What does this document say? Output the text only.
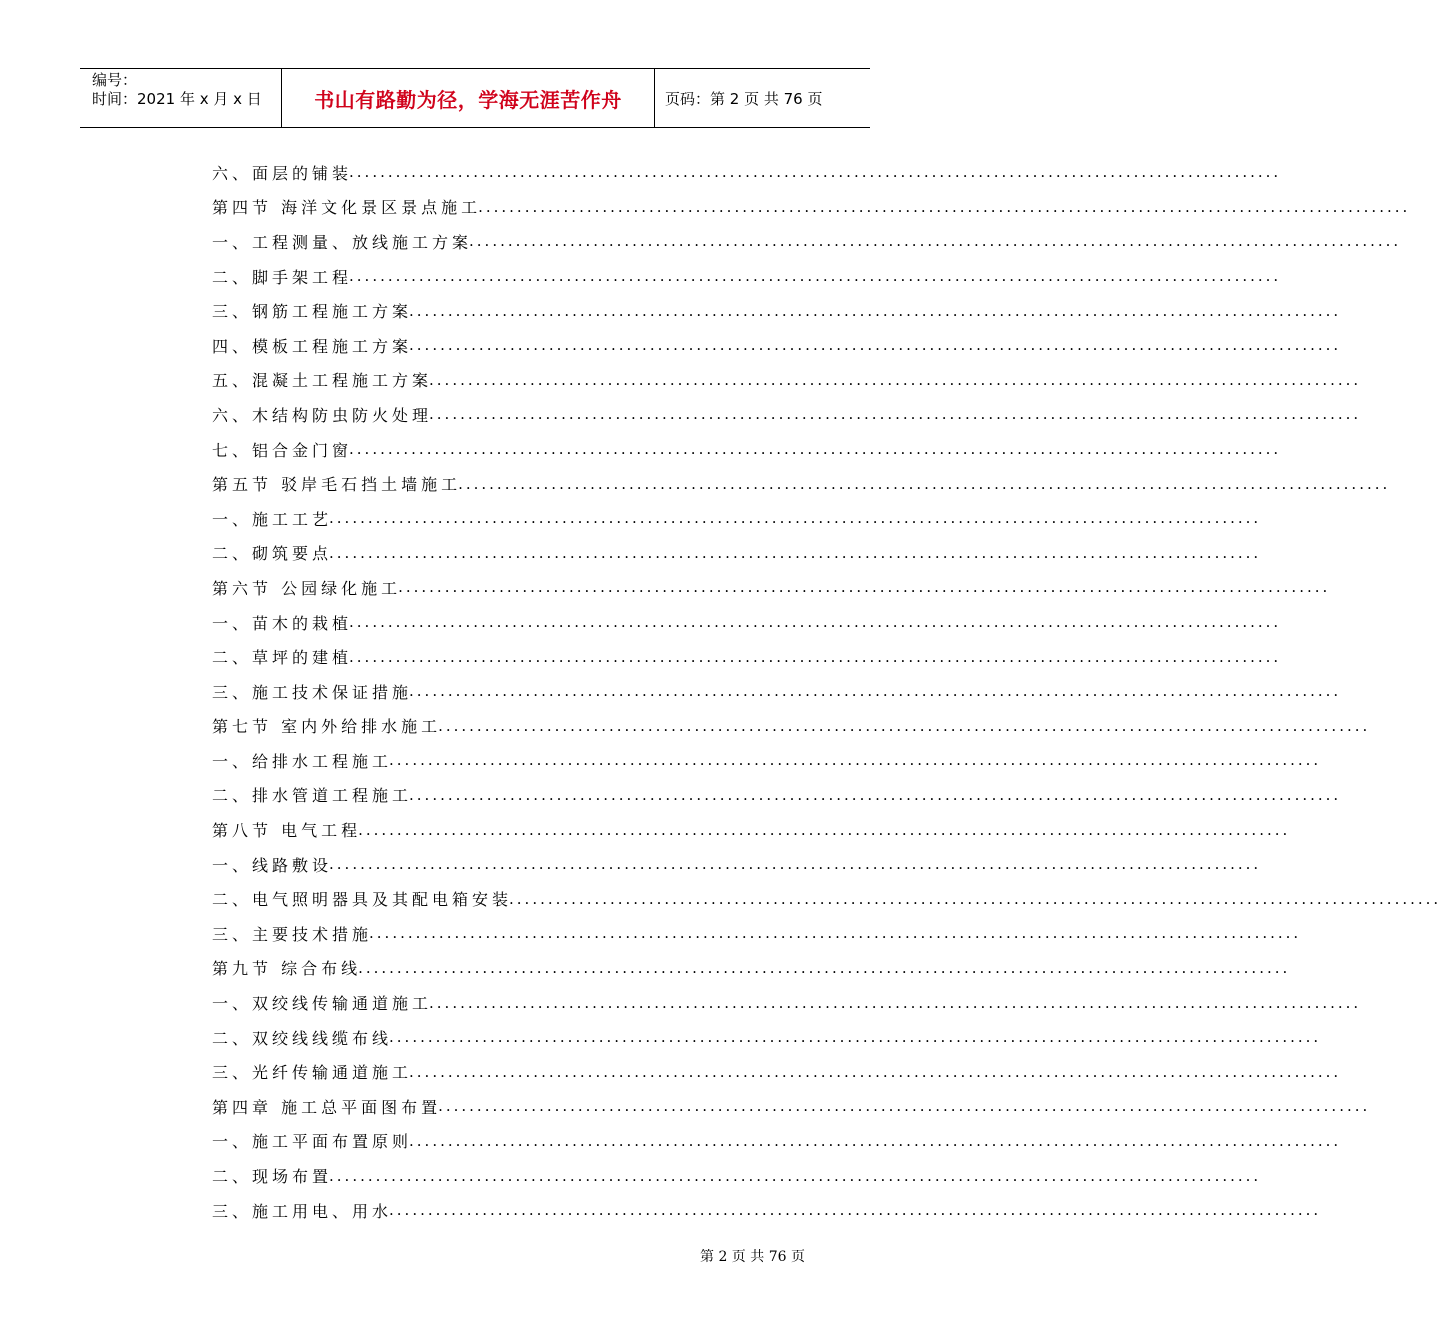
编号：
时间：2021 年 x 月 x 日	书山有路勤为径，学海无涯苦作舟	页码：第 2 页 共 76 页
六、面层的铺装
........................................................................................................................
第四节 海洋文化景区景点施工
........................................................................................................................
一、工程测量、放线施工方案
........................................................................................................................
二、脚手架工程
........................................................................................................................
三、钢筋工程施工方案
........................................................................................................................
四、模板工程施工方案
........................................................................................................................
五、混凝土工程施工方案
........................................................................................................................
六、木结构防虫防火处理
........................................................................................................................
七、铝合金门窗
........................................................................................................................
第五节 驳岸毛石挡土墙施工
........................................................................................................................
一、施工工艺
........................................................................................................................
二、砌筑要点
........................................................................................................................
第六节 公园绿化施工
........................................................................................................................
一、苗木的栽植
........................................................................................................................
二、草坪的建植
........................................................................................................................
三、施工技术保证措施
........................................................................................................................
第七节 室内外给排水施工
........................................................................................................................
一、给排水工程施工
........................................................................................................................
二、排水管道工程施工
........................................................................................................................
第八节 电气工程
........................................................................................................................
一、线路敷设
........................................................................................................................
二、电气照明器具及其配电箱安装
........................................................................................................................
三、主要技术措施
........................................................................................................................
第九节 综合布线
........................................................................................................................
一、双绞线传输通道施工
........................................................................................................................
二、双绞线线缆布线
........................................................................................................................
三、光纤传输通道施工
........................................................................................................................
第四章 施工总平面图布置
........................................................................................................................
一、施工平面布置原则
........................................................................................................................
二、现场布置
........................................................................................................................
三、施工用电、用水
........................................................................................................................
第 2 页 共 76 页
